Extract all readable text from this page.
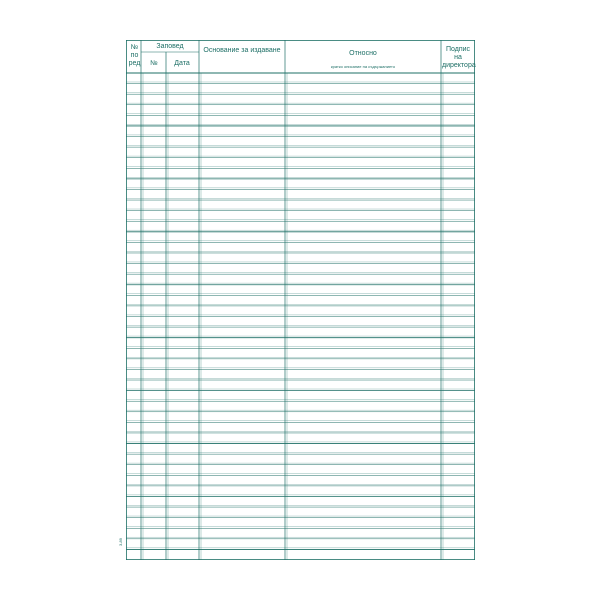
№ по ред

Заповед

№	Дата

Основание за издаване	Относно

кратко описание на съдържанието

Подпис на директора

3-89
